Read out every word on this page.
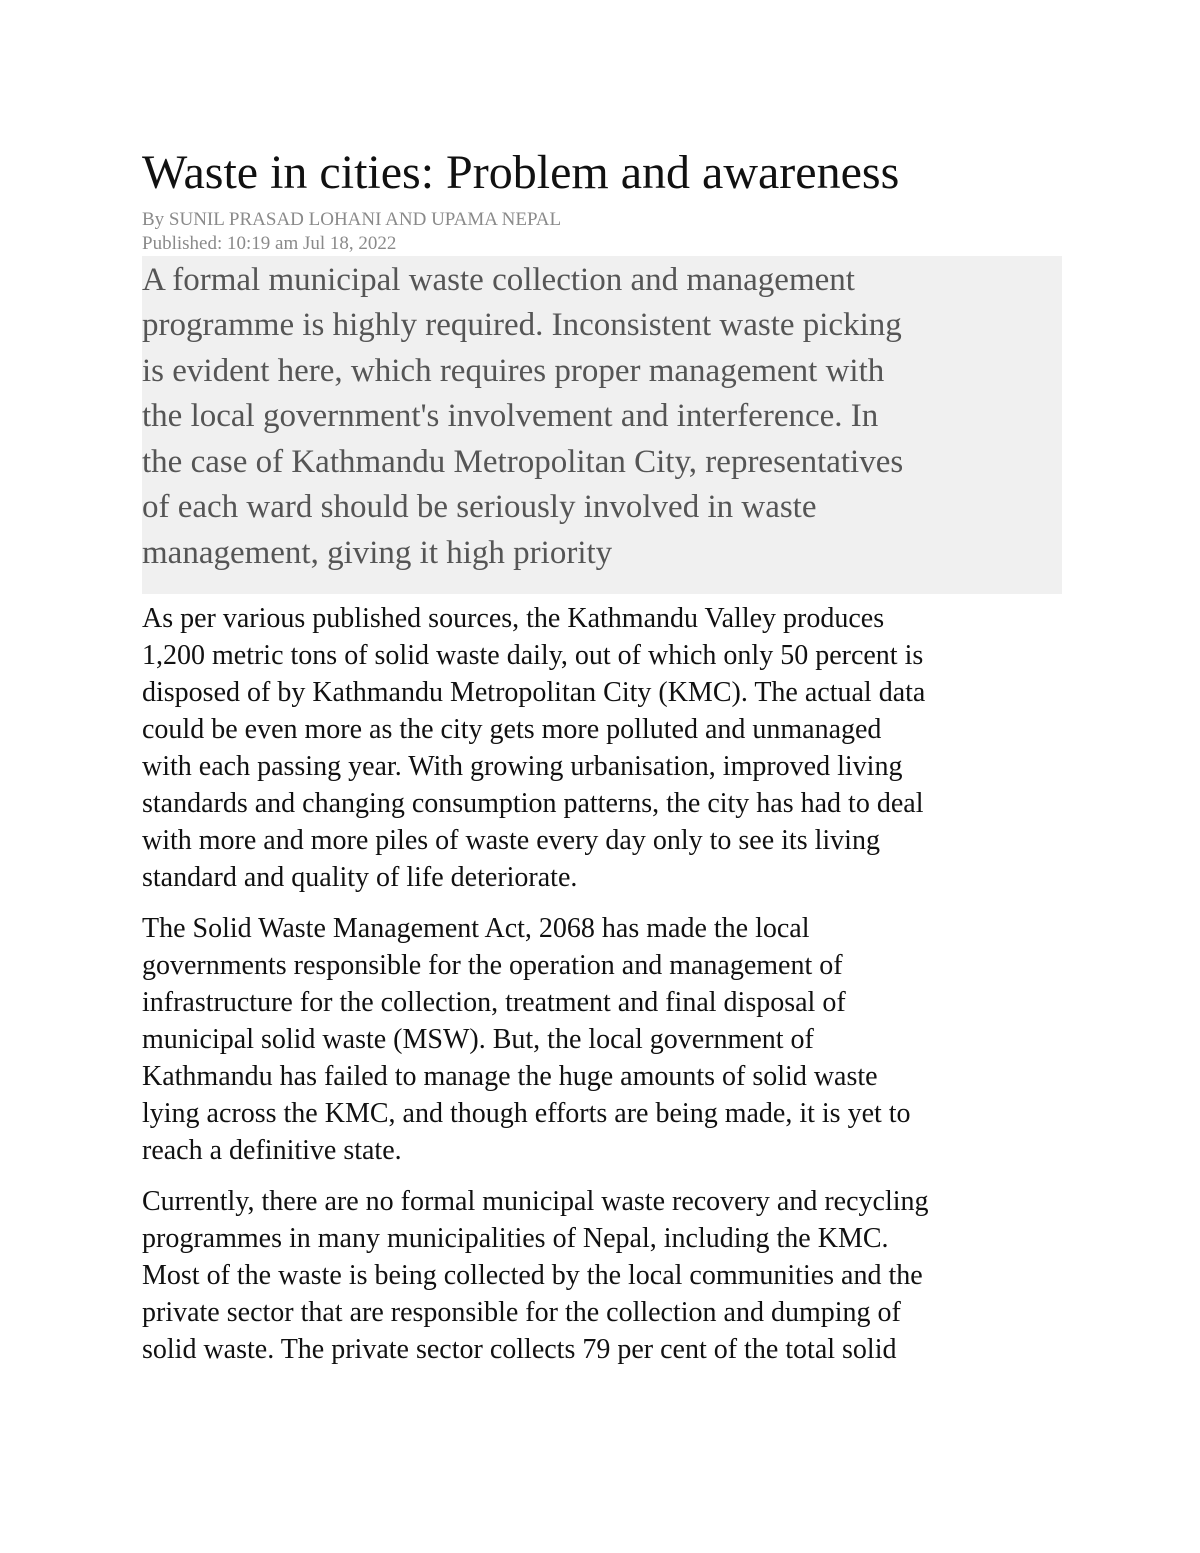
Waste in cities: Problem and awareness
By SUNIL PRASAD LOHANI AND UPAMA NEPAL
Published: 10:19 am Jul 18, 2022

A formal municipal waste collection and management
programme is highly required. Inconsistent waste picking
is evident here, which requires proper management with
the local government's involvement and interference. In
the case of Kathmandu Metropolitan City, representatives
of each ward should be seriously involved in waste
management, giving it high priority

As per various published sources, the Kathmandu Valley produces
1,200 metric tons of solid waste daily, out of which only 50 percent is
disposed of by Kathmandu Metropolitan City (KMC). The actual data
could be even more as the city gets more polluted and unmanaged
with each passing year. With growing urbanisation, improved living
standards and changing consumption patterns, the city has had to deal
with more and more piles of waste every day only to see its living
standard and quality of life deteriorate.

The Solid Waste Management Act, 2068 has made the local
governments responsible for the operation and management of
infrastructure for the collection, treatment and final disposal of
municipal solid waste (MSW). But, the local government of
Kathmandu has failed to manage the huge amounts of solid waste
lying across the KMC, and though efforts are being made, it is yet to
reach a definitive state.

Currently, there are no formal municipal waste recovery and recycling
programmes in many municipalities of Nepal, including the KMC.
Most of the waste is being collected by the local communities and the
private sector that are responsible for the collection and dumping of
solid waste. The private sector collects 79 per cent of the total solid
